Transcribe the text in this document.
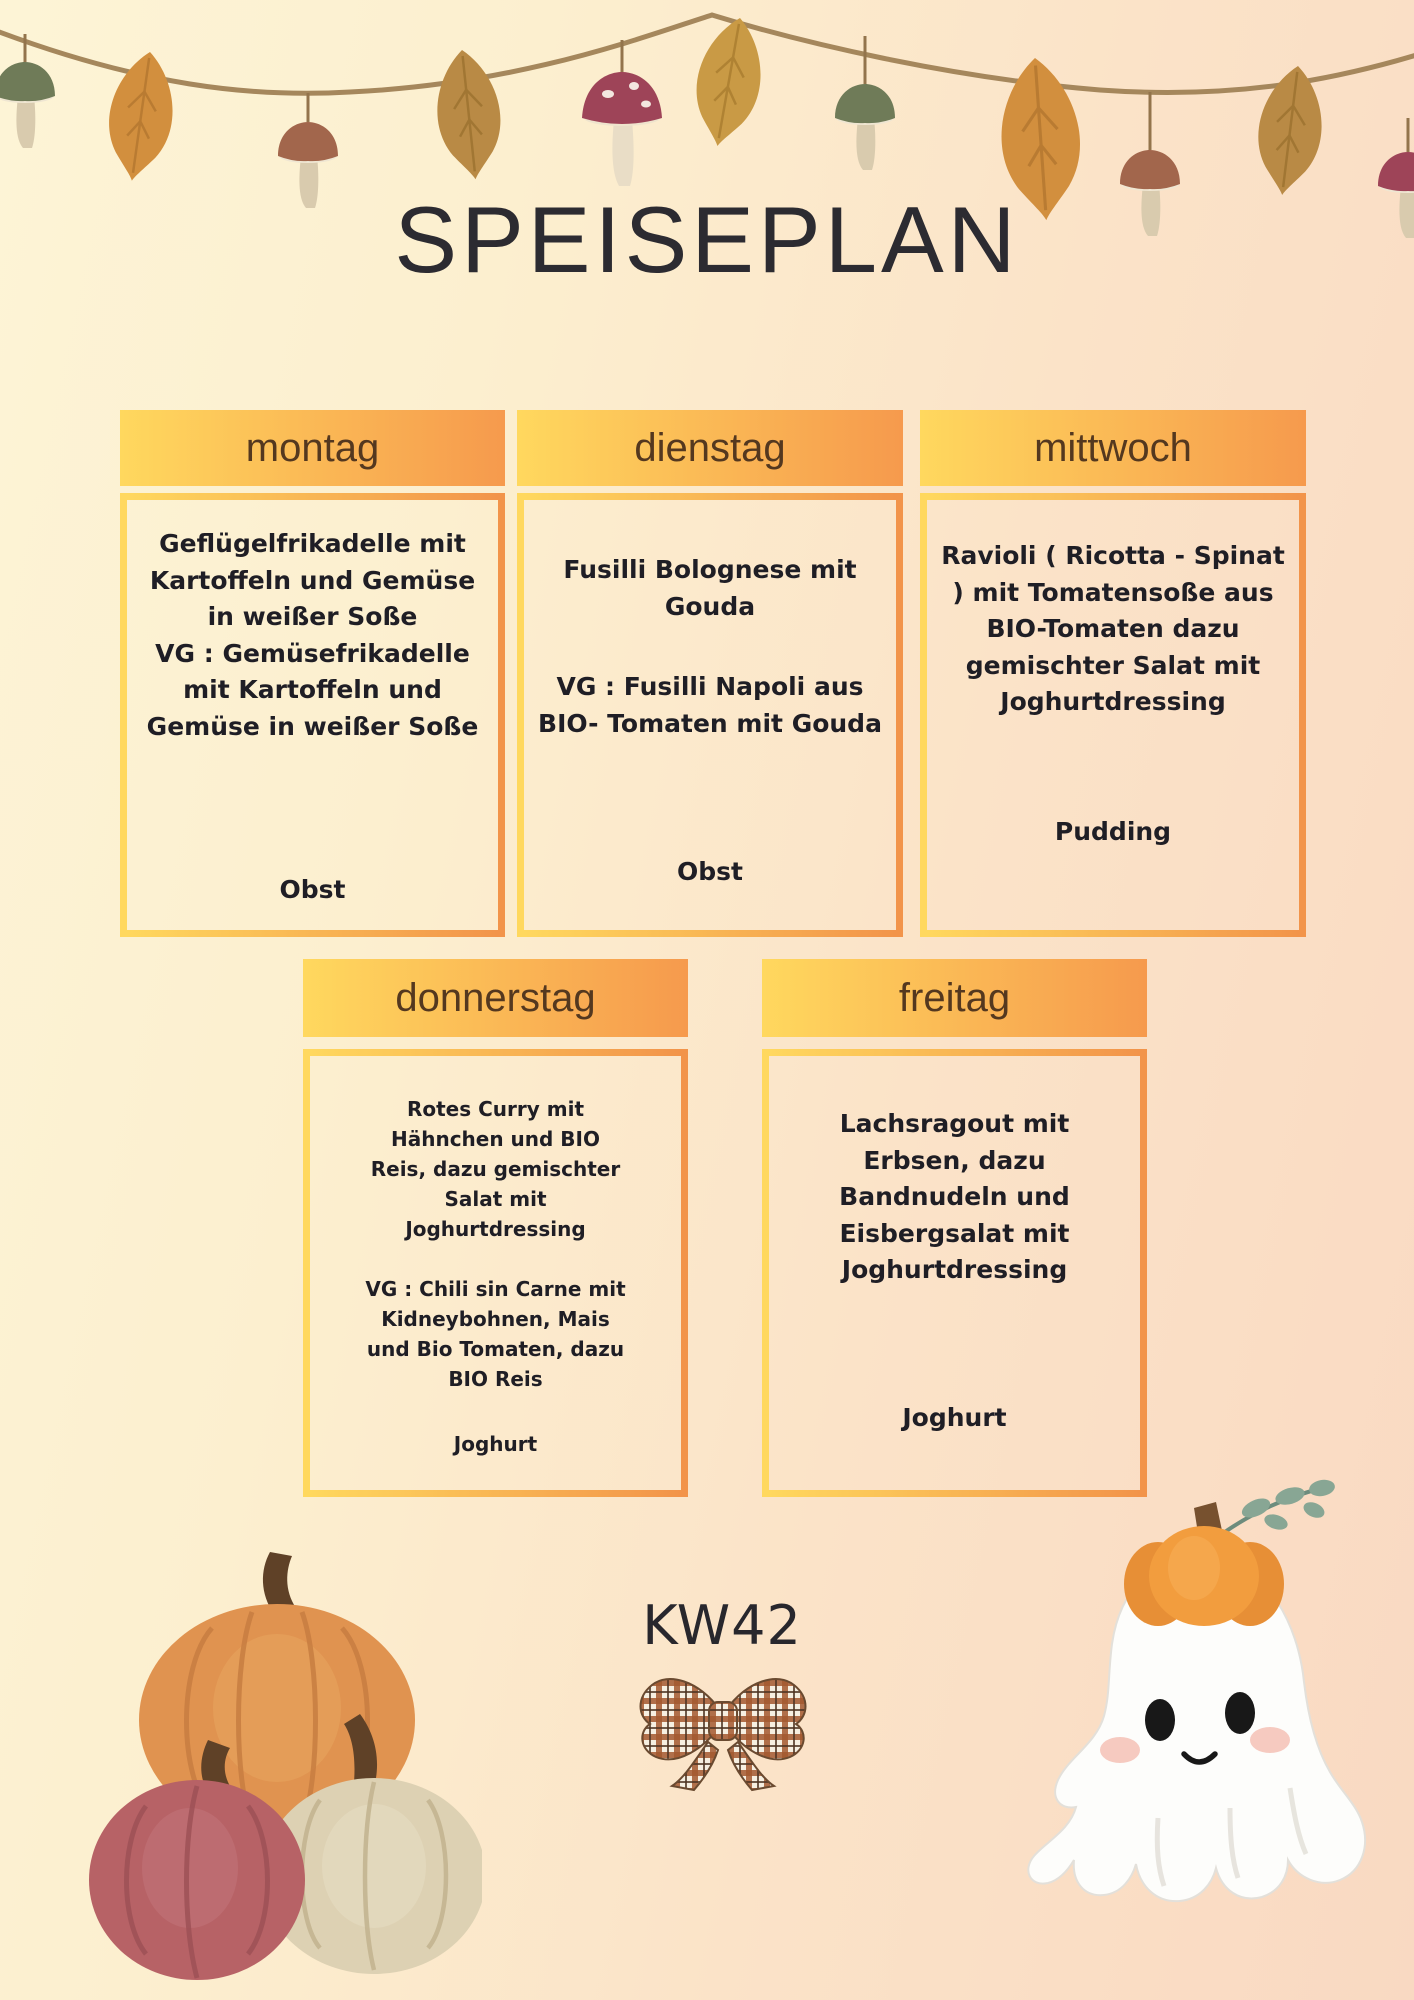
SPEISEPLAN
montag

Geflügelfrikadelle mit Kartoffeln und Gemüse in weißer Soße

VG : Gemüsefrikadelle mit Kartoffeln und Gemüse in weißer Soße

Obst
dienstag

Fusilli Bolognese mit Gouda

VG : Fusilli Napoli aus BIO- Tomaten mit Gouda

Obst
mittwoch

Ravioli ( Ricotta - Spinat ) mit Tomatensoße aus BIO-Tomaten dazu gemischter Salat mit Joghurtdressing

Pudding
donnerstag

Rotes Curry mit Hähnchen und BIO Reis, dazu gemischter Salat mit Joghurtdressing

VG : Chili sin Carne mit Kidneybohnen, Mais und Bio Tomaten, dazu BIO Reis

Joghurt
freitag

Lachsragout mit Erbsen, dazu Bandnudeln und Eisbergsalat mit Joghurtdressing

Joghurt
KW42
